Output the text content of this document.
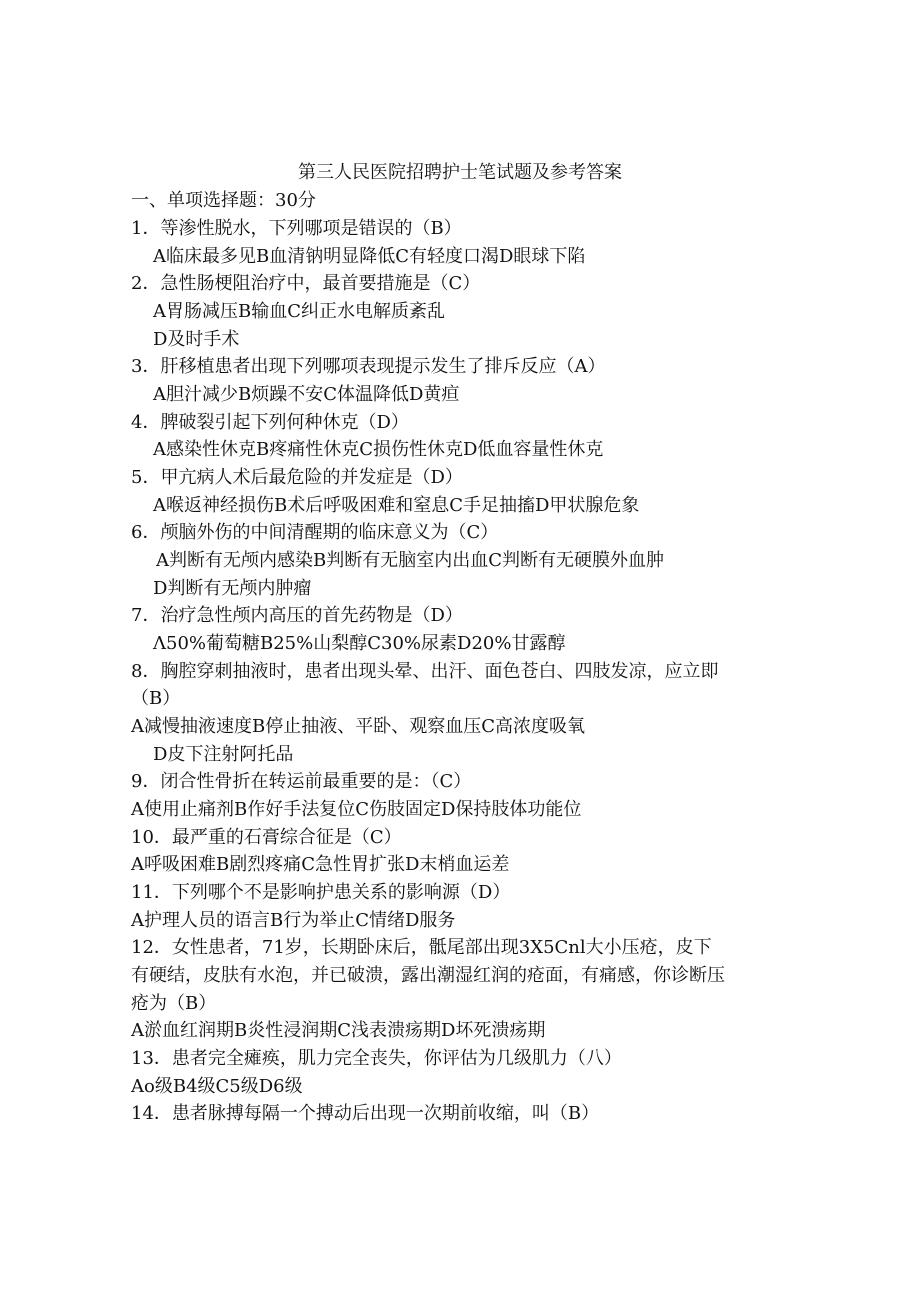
第三人民医院招聘护士笔试题及参考答案
一、单项选择题：30分
1．等渗性脱水，下列哪项是错误的（B）
A临床最多见B血清钠明显降低C有轻度口渴D眼球下陷
2．急性肠梗阻治疗中，最首要措施是（C）
A胃肠减压B输血C纠正水电解质紊乱
D及时手术
3．肝移植患者出现下列哪项表现提示发生了排斥反应（A）
A胆汁减少B烦躁不安C体温降低D黄疸
4．脾破裂引起下列何种休克（D）
A感染性休克B疼痛性休克C损伤性休克D低血容量性休克
5．甲亢病人术后最危险的并发症是（D）
A喉返神经损伤B术后呼吸困难和窒息C手足抽搐D甲状腺危象
6．颅脑外伤的中间清醒期的临床意义为（C）
A判断有无颅内感染B判断有无脑室内出血C判断有无硬膜外血肿
D判断有无颅内肿瘤
7．治疗急性颅内高压的首先药物是（D）
Λ50%葡萄糖B25%山梨醇C30%尿素D20%甘露醇
8．胸腔穿刺抽液时，患者出现头晕、出汗、面色苍白、四肢发凉，应立即
（B）
A减慢抽液速度B停止抽液、平卧、观察血压C高浓度吸氧
D皮下注射阿托品
9．闭合性骨折在转运前最重要的是：（C）
A使用止痛剂B作好手法复位C伤肢固定D保持肢体功能位
10．最严重的石膏综合征是（C）
A呼吸困难B剧烈疼痛C急性胃扩张D末梢血运差
11．下列哪个不是影响护患关系的影响源（D）
A护理人员的语言B行为举止C情绪D服务
12．女性患者，71岁，长期卧床后，骶尾部出现3X5Cnl大小压疮，皮下
有硬结，皮肤有水泡，并已破溃，露出潮湿红润的疮面，有痛感，你诊断压
疮为（B）
A淤血红润期B炎性浸润期C浅表溃疡期D坏死溃疡期
13．患者完全瘫痪，肌力完全丧失，你评估为几级肌力（八）
Ao级B4级C5级D6级
14．患者脉搏每隔一个搏动后出现一次期前收缩，叫（B）
